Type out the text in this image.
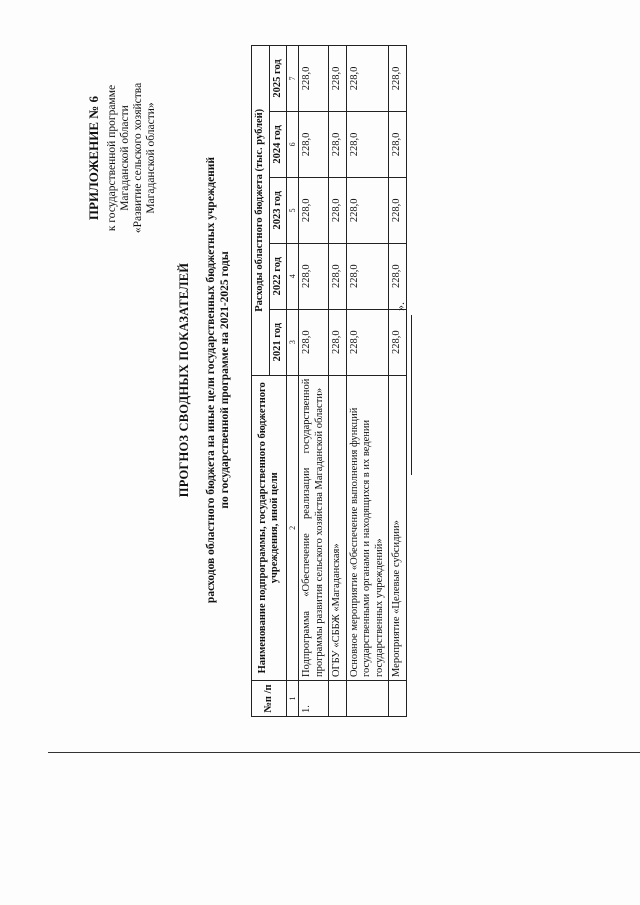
ПРИЛОЖЕНИЕ № 6 к государственной программе Магаданской области «Развитие сельского хозяйства Магаданской области»
ПРОГНОЗ СВОДНЫХ ПОКАЗАТЕЛЕЙ расходов областного бюджета на иные цели государственных бюджетных учреждений по государственной программе на 2021-2025 годы
№п /п	Наименование подпрограммы, государственного бюджетного учреждения, иной цели	Расходы областного бюджета (тыс. рублей)				
		2021 год	2022 год	2023 год	2024 год	2025 год
1	2	3	4	5	6	7
1.	Подпрограмма «Обеспечение реализации государственной программы развития сельского хозяйства Магаданской области»	228,0	228,0	228,0	228,0	228,0
	ОГБУ «СББЖ «Магаданская»	228,0	228,0	228,0	228,0	228,0
	Основное мероприятие «Обеспечение выполнения функций государственными органами и находящихся в их ведении государственных учреждений»	228,0	228,0	228,0	228,0	228,0
	Мероприятие «Целевые субсидии»	228,0	228,0	228,0	228,0	228,0
».
